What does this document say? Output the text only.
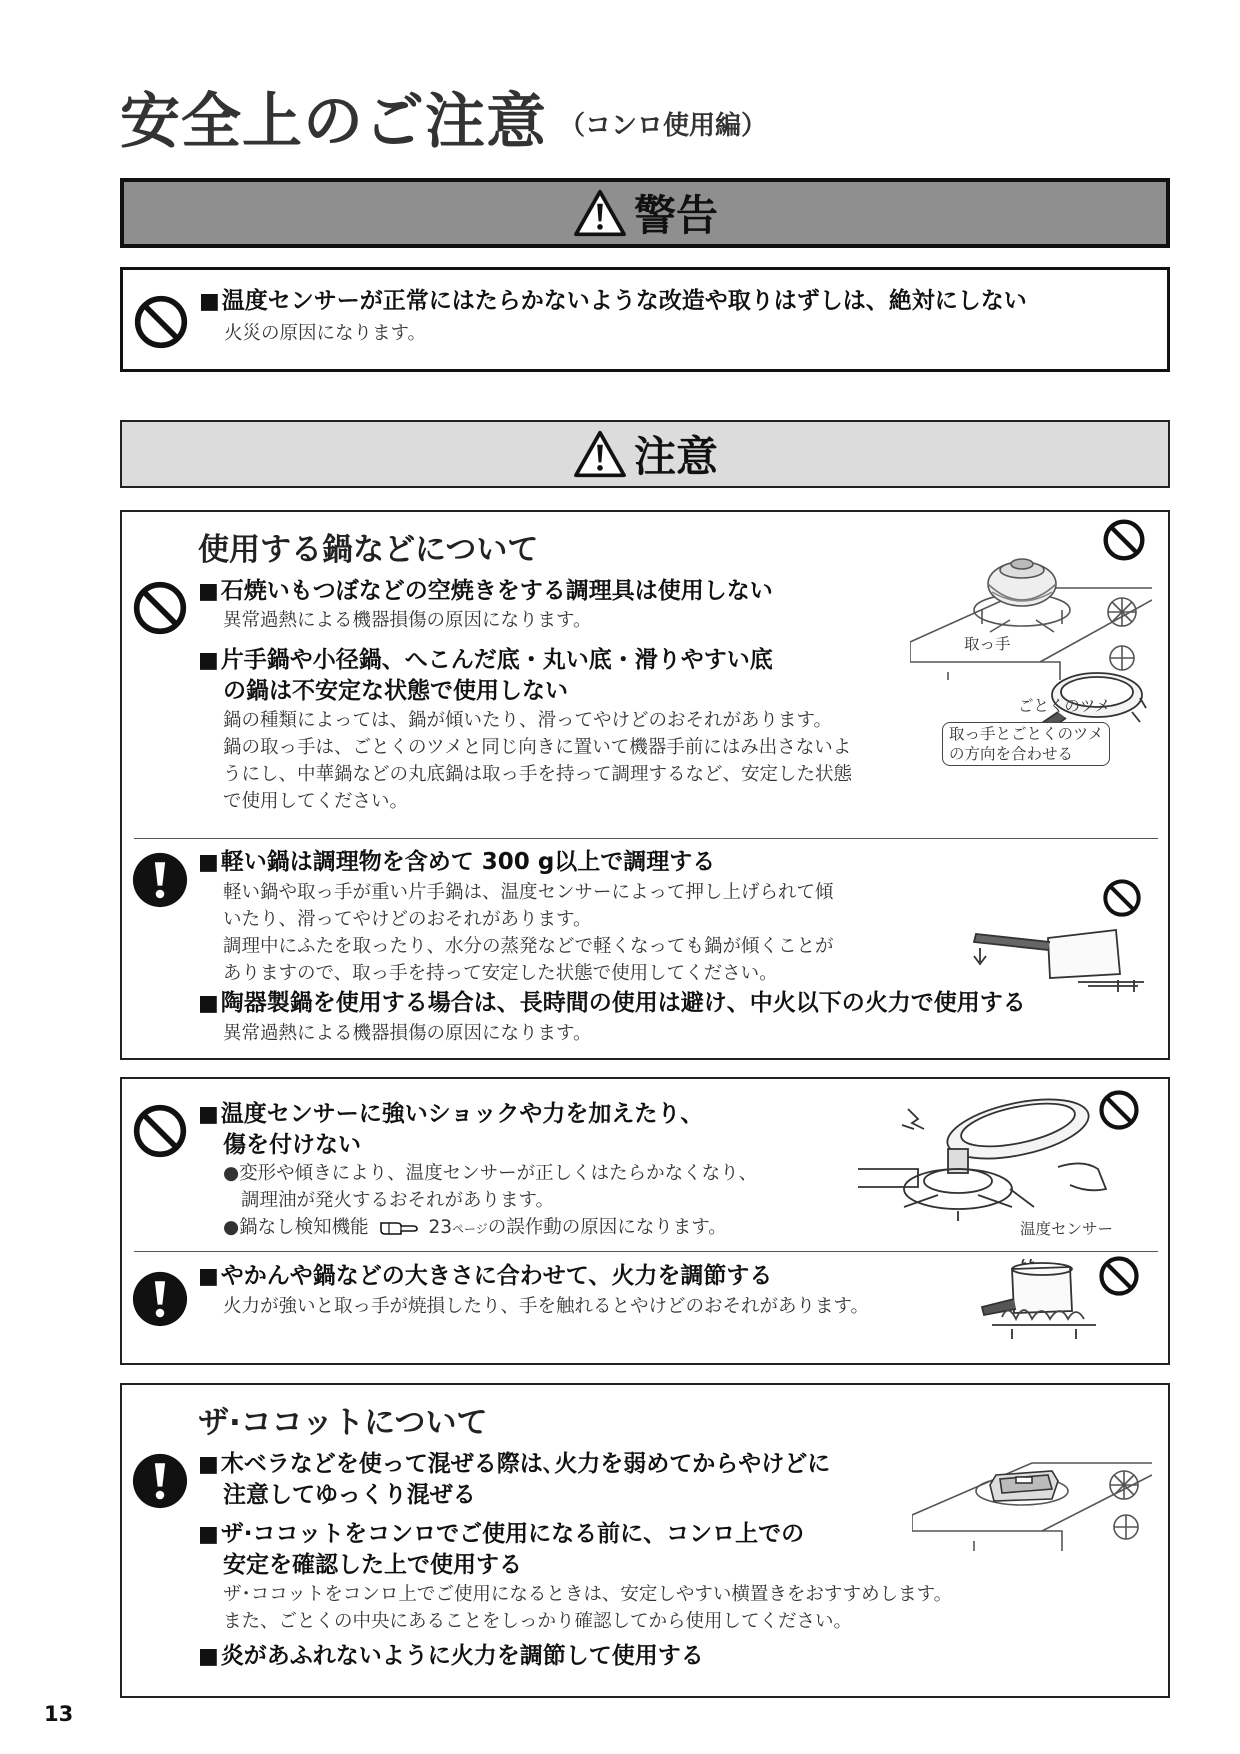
安全上のご注意 （コンロ使用編）
警告
■温度センサーが正常にはたらかないような改造や取りはずしは、絶対にしない
火災の原因になります。
注意
使用する鍋などについて
■石焼いもつぼなどの空焼きをする調理具は使用しない
異常過熱による機器損傷の原因になります。
■片手鍋や小径鍋、へこんだ底・丸い底・滑りやすい底
の鍋は不安定な状態で使用しない
鍋の種類によっては、鍋が傾いたり、滑ってやけどのおそれがあります。
鍋の取っ手は、ごとくのツメと同じ向きに置いて機器手前にはみ出さないよ
うにし、中華鍋などの丸底鍋は取っ手を持って調理するなど、安定した状態
で使用してください。
取っ手
ごとくのツメ
取っ手とごとくのツメ
の方向を合わせる
■軽い鍋は調理物を含めて 300 g以上で調理する
軽い鍋や取っ手が重い片手鍋は、温度センサーによって押し上げられて傾
いたり、滑ってやけどのおそれがあります。
調理中にふたを取ったり、水分の蒸発などで軽くなっても鍋が傾くことが
ありますので、取っ手を持って安定した状態で使用してください。
■陶器製鍋を使用する場合は、長時間の使用は避け、中火以下の火力で使用する
異常過熱による機器損傷の原因になります。
■温度センサーに強いショックや力を加えたり、
傷を付けない
●変形や傾きにより、温度センサーが正しくはたらかなくなり、
調理油が発火するおそれがあります。
●鍋なし検知機能	23ページの誤作動の原因になります。	温度センサー
■やかんや鍋などの大きさに合わせて、火力を調節する
火力が強いと取っ手が焼損したり、手を触れるとやけどのおそれがあります。
ザ·ココットについて
■木ベラなどを使って混ぜる際は､火力を弱めてからやけどに
注意してゆっくり混ぜる
■ザ·ココットをコンロでご使用になる前に、コンロ上での
安定を確認した上で使用する
ザ･ココットをコンロ上でご使用になるときは、安定しやすい横置きをおすすめします。
また、ごとくの中央にあることをしっかり確認してから使用してください。
■炎があふれないように火力を調節して使用する
13
